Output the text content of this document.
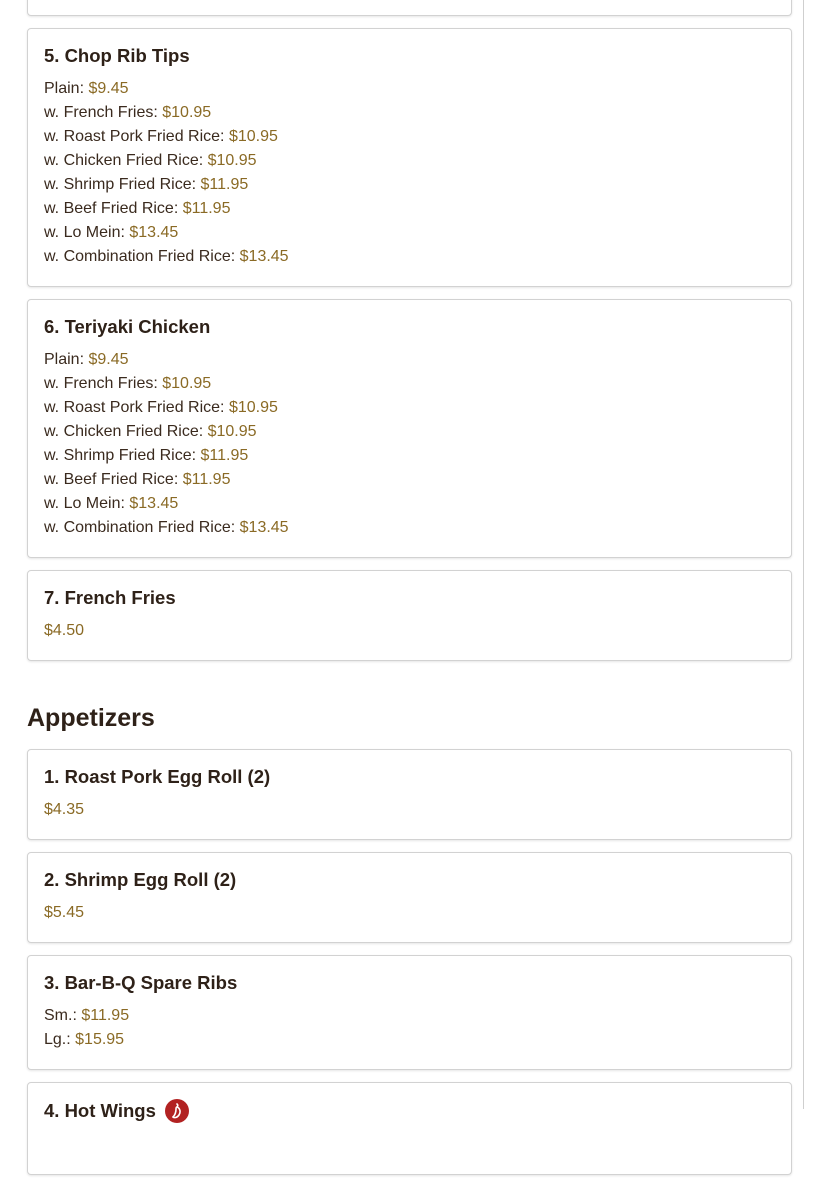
5. Chop Rib Tips
Plain: $9.45
w. French Fries: $10.95
w. Roast Pork Fried Rice: $10.95
w. Chicken Fried Rice: $10.95
w. Shrimp Fried Rice: $11.95
w. Beef Fried Rice: $11.95
w. Lo Mein: $13.45
w. Combination Fried Rice: $13.45
6. Teriyaki Chicken
Plain: $9.45
w. French Fries: $10.95
w. Roast Pork Fried Rice: $10.95
w. Chicken Fried Rice: $10.95
w. Shrimp Fried Rice: $11.95
w. Beef Fried Rice: $11.95
w. Lo Mein: $13.45
w. Combination Fried Rice: $13.45
7. French Fries
$4.50
Appetizers
1. Roast Pork Egg Roll (2)
$4.35
2. Shrimp Egg Roll (2)
$5.45
3. Bar-B-Q Spare Ribs
Sm.: $11.95
Lg.: $15.95
4. Hot Wings
